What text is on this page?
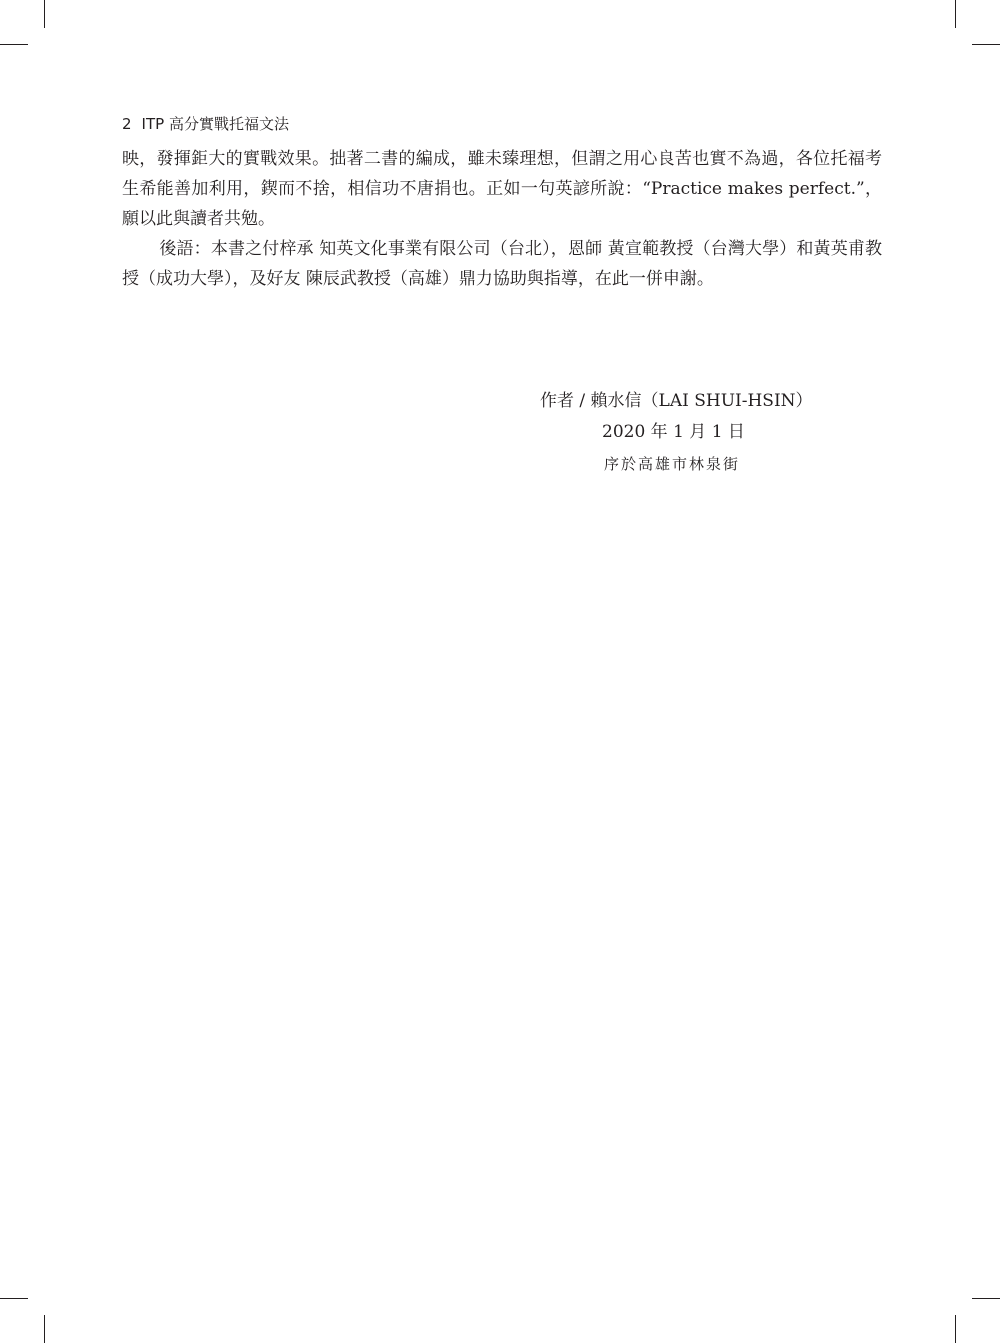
2 ITP 高分實戰托福文法

映，發揮鉅大的實戰效果。拙著二書的編成，雖未臻理想，但謂之用心良苦也實不為過，各位托福考生希能善加利用，鍥而不捨，相信功不唐捐也。正如一句英諺所說：“Practice makes perfect.”，願以此與讀者共勉。

後語：本書之付梓承 知英文化事業有限公司（台北），恩師 黃宣範教授（台灣大學）和黃英甫教授（成功大學），及好友 陳辰武教授（高雄）鼎力協助與指導，在此一併申謝。

作者 / 賴水信（LAI SHUI-HSIN）
2020 年 1 月 1 日
序於高雄市林泉街
